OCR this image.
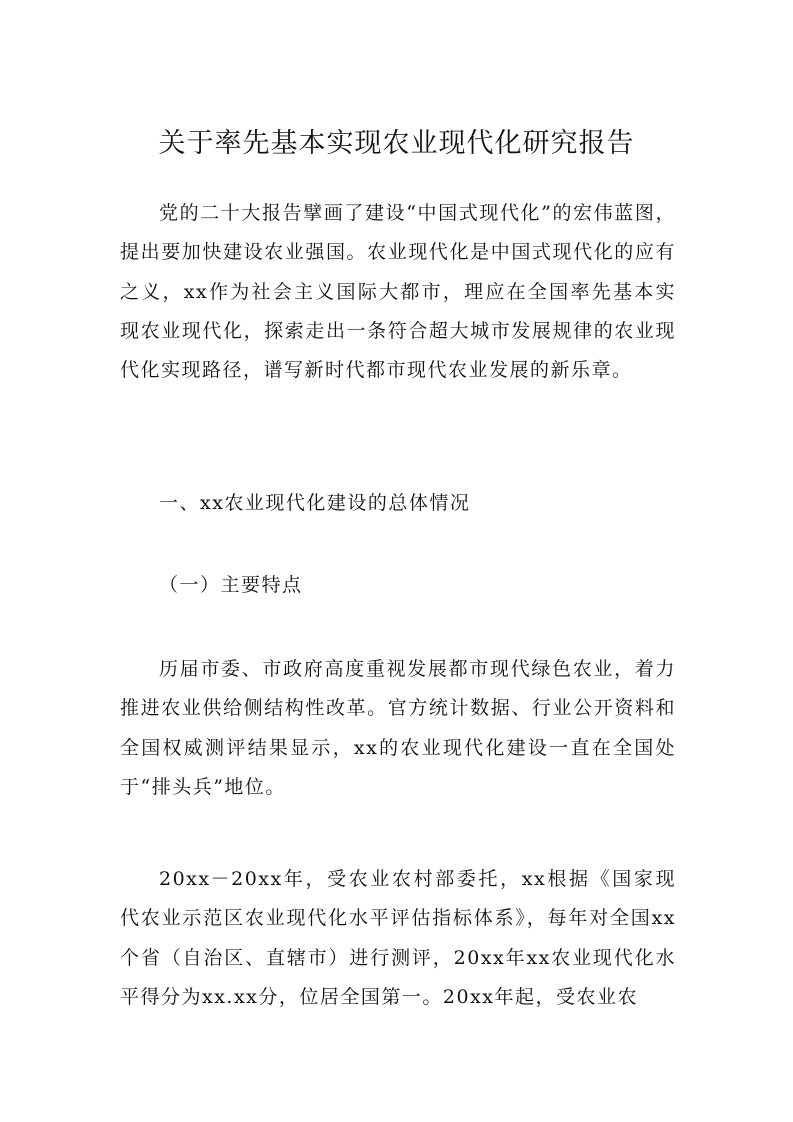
关于率先基本实现农业现代化研究报告

党的二十大报告擘画了建设“中国式现代化”的宏伟蓝图，提出要加快建设农业强国。农业现代化是中国式现代化的应有之义，xx作为社会主义国际大都市，理应在全国率先基本实现农业现代化，探索走出一条符合超大城市发展规律的农业现代化实现路径，谱写新时代都市现代农业发展的新乐章。

一、xx农业现代化建设的总体情况

（一）主要特点

历届市委、市政府高度重视发展都市现代绿色农业，着力推进农业供给侧结构性改革。官方统计数据、行业公开资料和全国权威测评结果显示，xx的农业现代化建设一直在全国处于“排头兵”地位。

20xx－20xx年，受农业农村部委托，xx根据《国家现代农业示范区农业现代化水平评估指标体系》，每年对全国xx个省（自治区、直辖市）进行测评，20xx年xx农业现代化水平得分为xx.xx分，位居全国第一。20xx年起，受农业农
